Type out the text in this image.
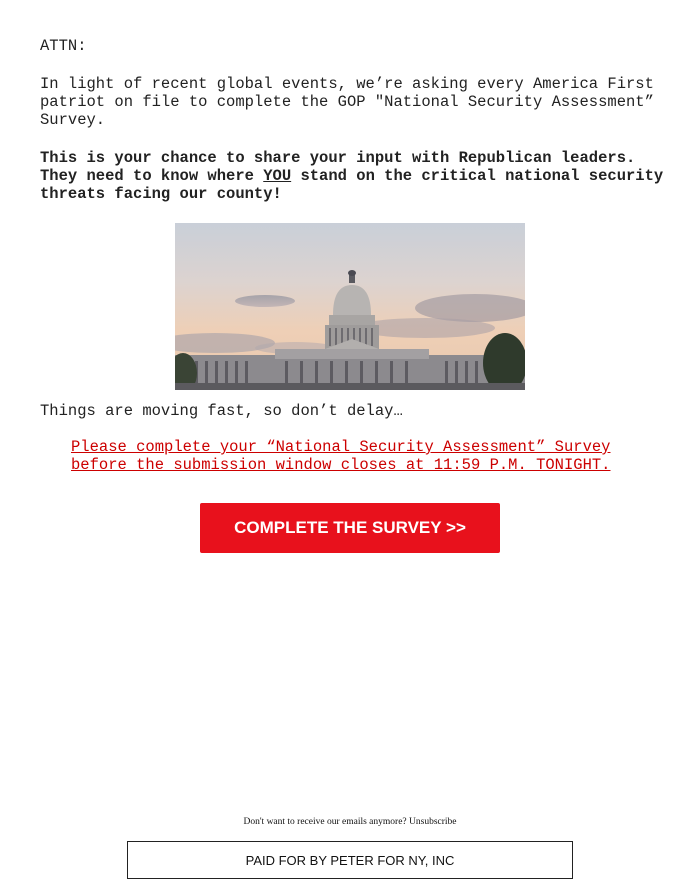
ATTN:

In light of recent global events, we’re asking every America First patriot on file to complete the GOP "National Security Assessment” Survey.

This is your chance to share your input with Republican leaders. They need to know where YOU stand on the critical national security threats facing our county!

Things are moving fast, so don’t delay…

Please complete your “National Security Assessment” Survey
before the submission window closes at 11:59 P.M. TONIGHT.
COMPLETE THE SURVEY >>
Don't want to receive our emails anymore? Unsubscribe
PAID FOR BY PETER FOR NY, INC
